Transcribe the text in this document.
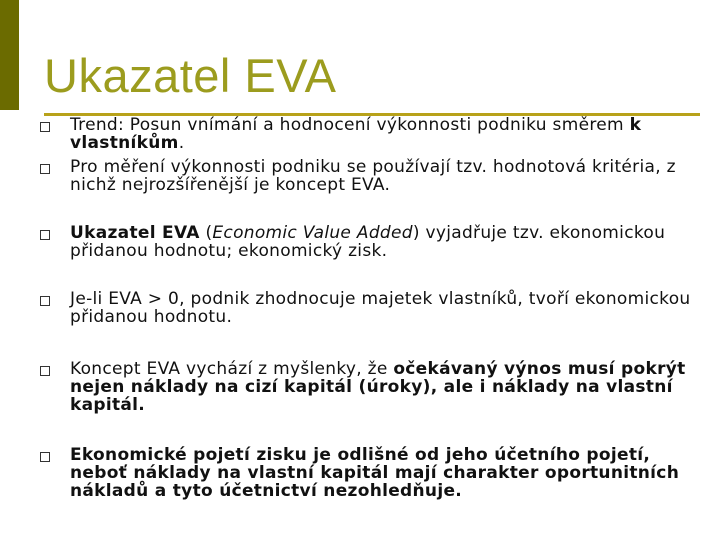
Ukazatel EVA
Trend: Posun vnímání a hodnocení výkonnosti podniku směrem k vlastníkům.
Pro měření výkonnosti podniku se používají tzv. hodnotová kritéria, z nichž nejrozšířenější je koncept EVA.
Ukazatel EVA (Economic Value Added) vyjadřuje tzv. ekonomickou přidanou hodnotu; ekonomický zisk.
Je-li EVA > 0, podnik zhodnocuje majetek vlastníků, tvoří ekonomickou přidanou hodnotu.
Koncept EVA vychází z myšlenky, že očekávaný výnos musí pokrýt nejen náklady na cizí kapitál (úroky), ale i náklady na vlastní kapitál.
Ekonomické pojetí zisku je odlišné od jeho účetního pojetí, neboť náklady na vlastní kapitál mají charakter oportunitních nákladů a tyto účetnictví nezohledňuje.
